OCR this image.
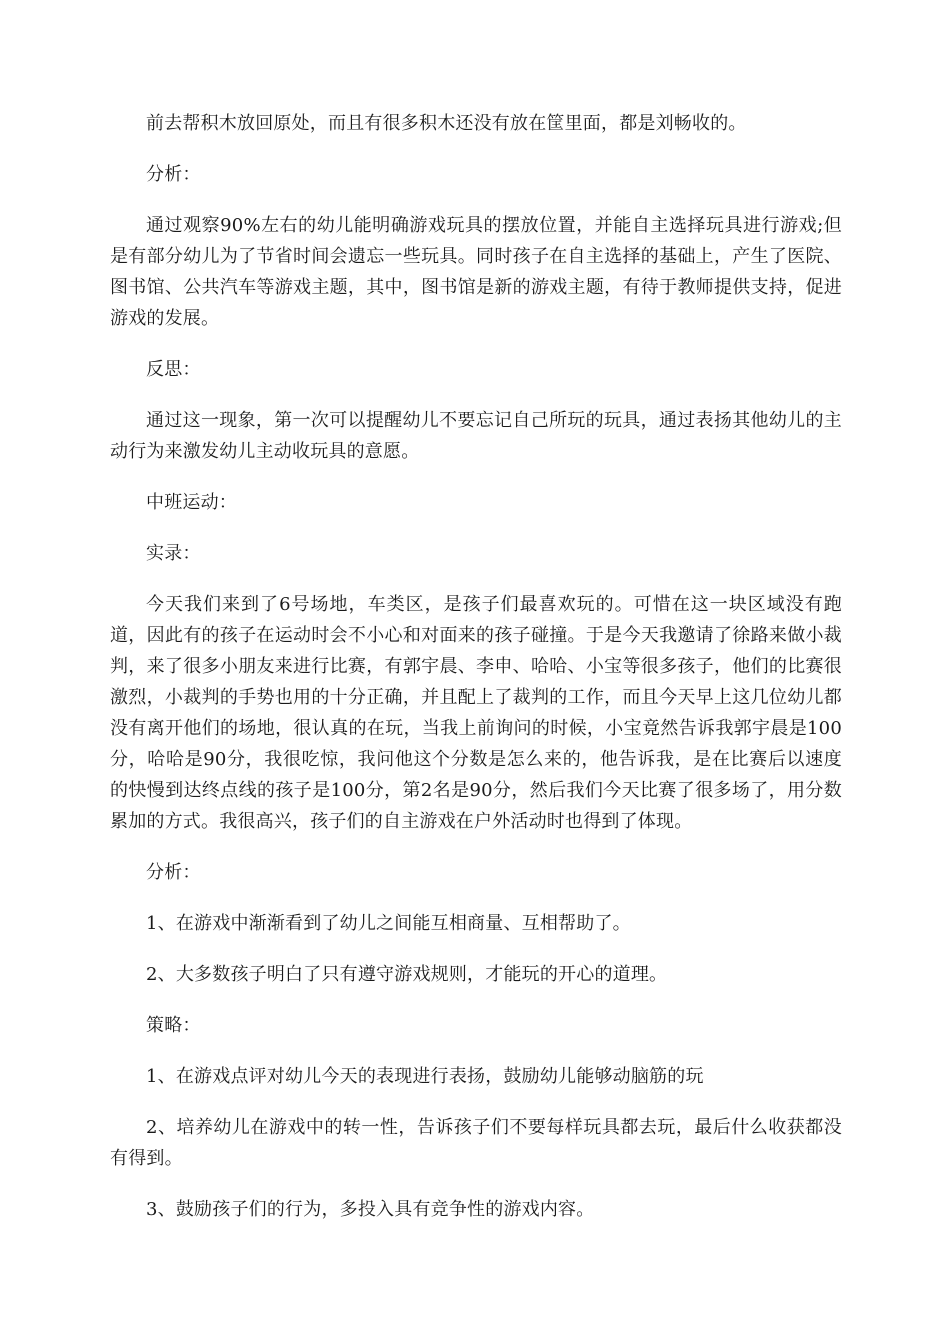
前去帮积木放回原处，而且有很多积木还没有放在筐里面，都是刘畅收的。

分析：

通过观察90%左右的幼儿能明确游戏玩具的摆放位置，并能自主选择玩具进行游戏;但是有部分幼儿为了节省时间会遗忘一些玩具。同时孩子在自主选择的基础上，产生了医院、图书馆、公共汽车等游戏主题，其中，图书馆是新的游戏主题，有待于教师提供支持，促进游戏的发展。

反思：

通过这一现象，第一次可以提醒幼儿不要忘记自己所玩的玩具，通过表扬其他幼儿的主动行为来激发幼儿主动收玩具的意愿。

中班运动：

实录：

今天我们来到了6号场地，车类区，是孩子们最喜欢玩的。可惜在这一块区域没有跑道，因此有的孩子在运动时会不小心和对面来的孩子碰撞。于是今天我邀请了徐路来做小裁判，来了很多小朋友来进行比赛，有郭宇晨、李申、哈哈、小宝等很多孩子，他们的比赛很激烈，小裁判的手势也用的十分正确，并且配上了裁判的工作，而且今天早上这几位幼儿都没有离开他们的场地，很认真的在玩，当我上前询问的时候，小宝竟然告诉我郭宇晨是100分，哈哈是90分，我很吃惊，我问他这个分数是怎么来的，他告诉我，是在比赛后以速度的快慢到达终点线的孩子是100分，第2名是90分，然后我们今天比赛了很多场了，用分数累加的方式。我很高兴，孩子们的自主游戏在户外活动时也得到了体现。

分析：

1、在游戏中渐渐看到了幼儿之间能互相商量、互相帮助了。

2、大多数孩子明白了只有遵守游戏规则，才能玩的开心的道理。

策略：

1、在游戏点评对幼儿今天的表现进行表扬，鼓励幼儿能够动脑筋的玩

2、培养幼儿在游戏中的转一性，告诉孩子们不要每样玩具都去玩，最后什么收获都没有得到。

3、鼓励孩子们的行为，多投入具有竞争性的游戏内容。
